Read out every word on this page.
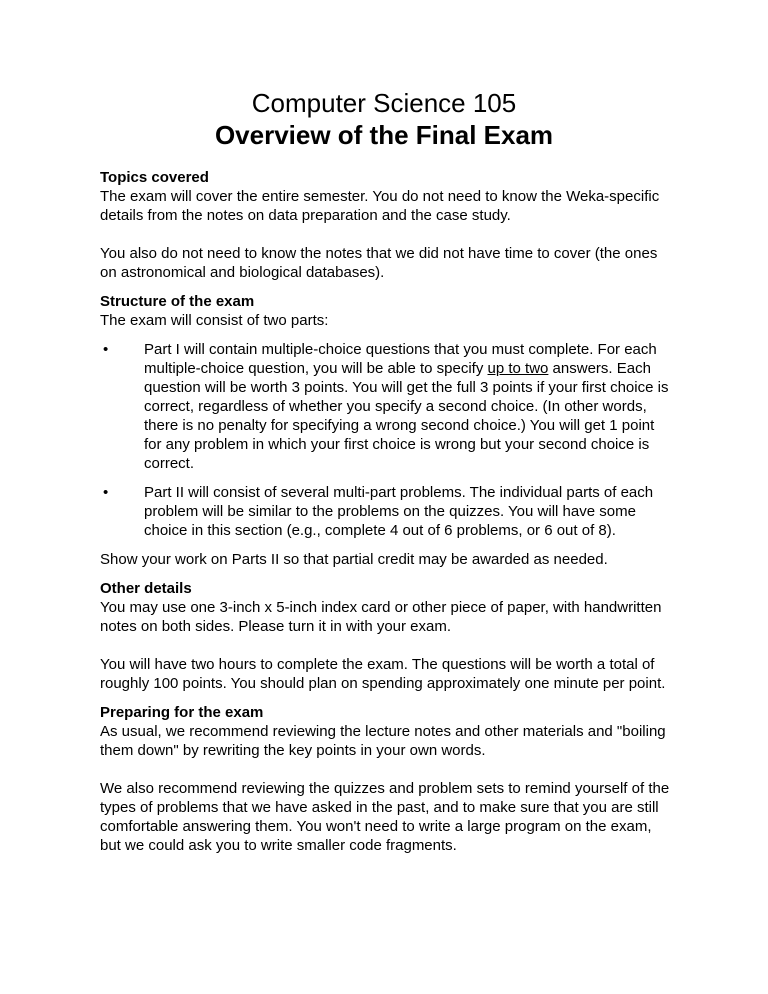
Computer Science 105
Overview of the Final Exam
Topics covered
The exam will cover the entire semester. You do not need to know the Weka-specific details from the notes on data preparation and the case study.
You also do not need to know the notes that we did not have time to cover (the ones on astronomical and biological databases).
Structure of the exam
The exam will consist of two parts:
• Part I will contain multiple-choice questions that you must complete. For each multiple-choice question, you will be able to specify up to two answers. Each question will be worth 3 points. You will get the full 3 points if your first choice is correct, regardless of whether you specify a second choice. (In other words, there is no penalty for specifying a wrong second choice.) You will get 1 point for any problem in which your first choice is wrong but your second choice is correct.
• Part II will consist of several multi-part problems. The individual parts of each problem will be similar to the problems on the quizzes. You will have some choice in this section (e.g., complete 4 out of 6 problems, or 6 out of 8).
Show your work on Parts II so that partial credit may be awarded as needed.
Other details
You may use one 3-inch x 5-inch index card or other piece of paper, with handwritten notes on both sides. Please turn it in with your exam.
You will have two hours to complete the exam. The questions will be worth a total of roughly 100 points. You should plan on spending approximately one minute per point.
Preparing for the exam
As usual, we recommend reviewing the lecture notes and other materials and "boiling them down" by rewriting the key points in your own words.
We also recommend reviewing the quizzes and problem sets to remind yourself of the types of problems that we have asked in the past, and to make sure that you are still comfortable answering them. You won't need to write a large program on the exam, but we could ask you to write smaller code fragments.
